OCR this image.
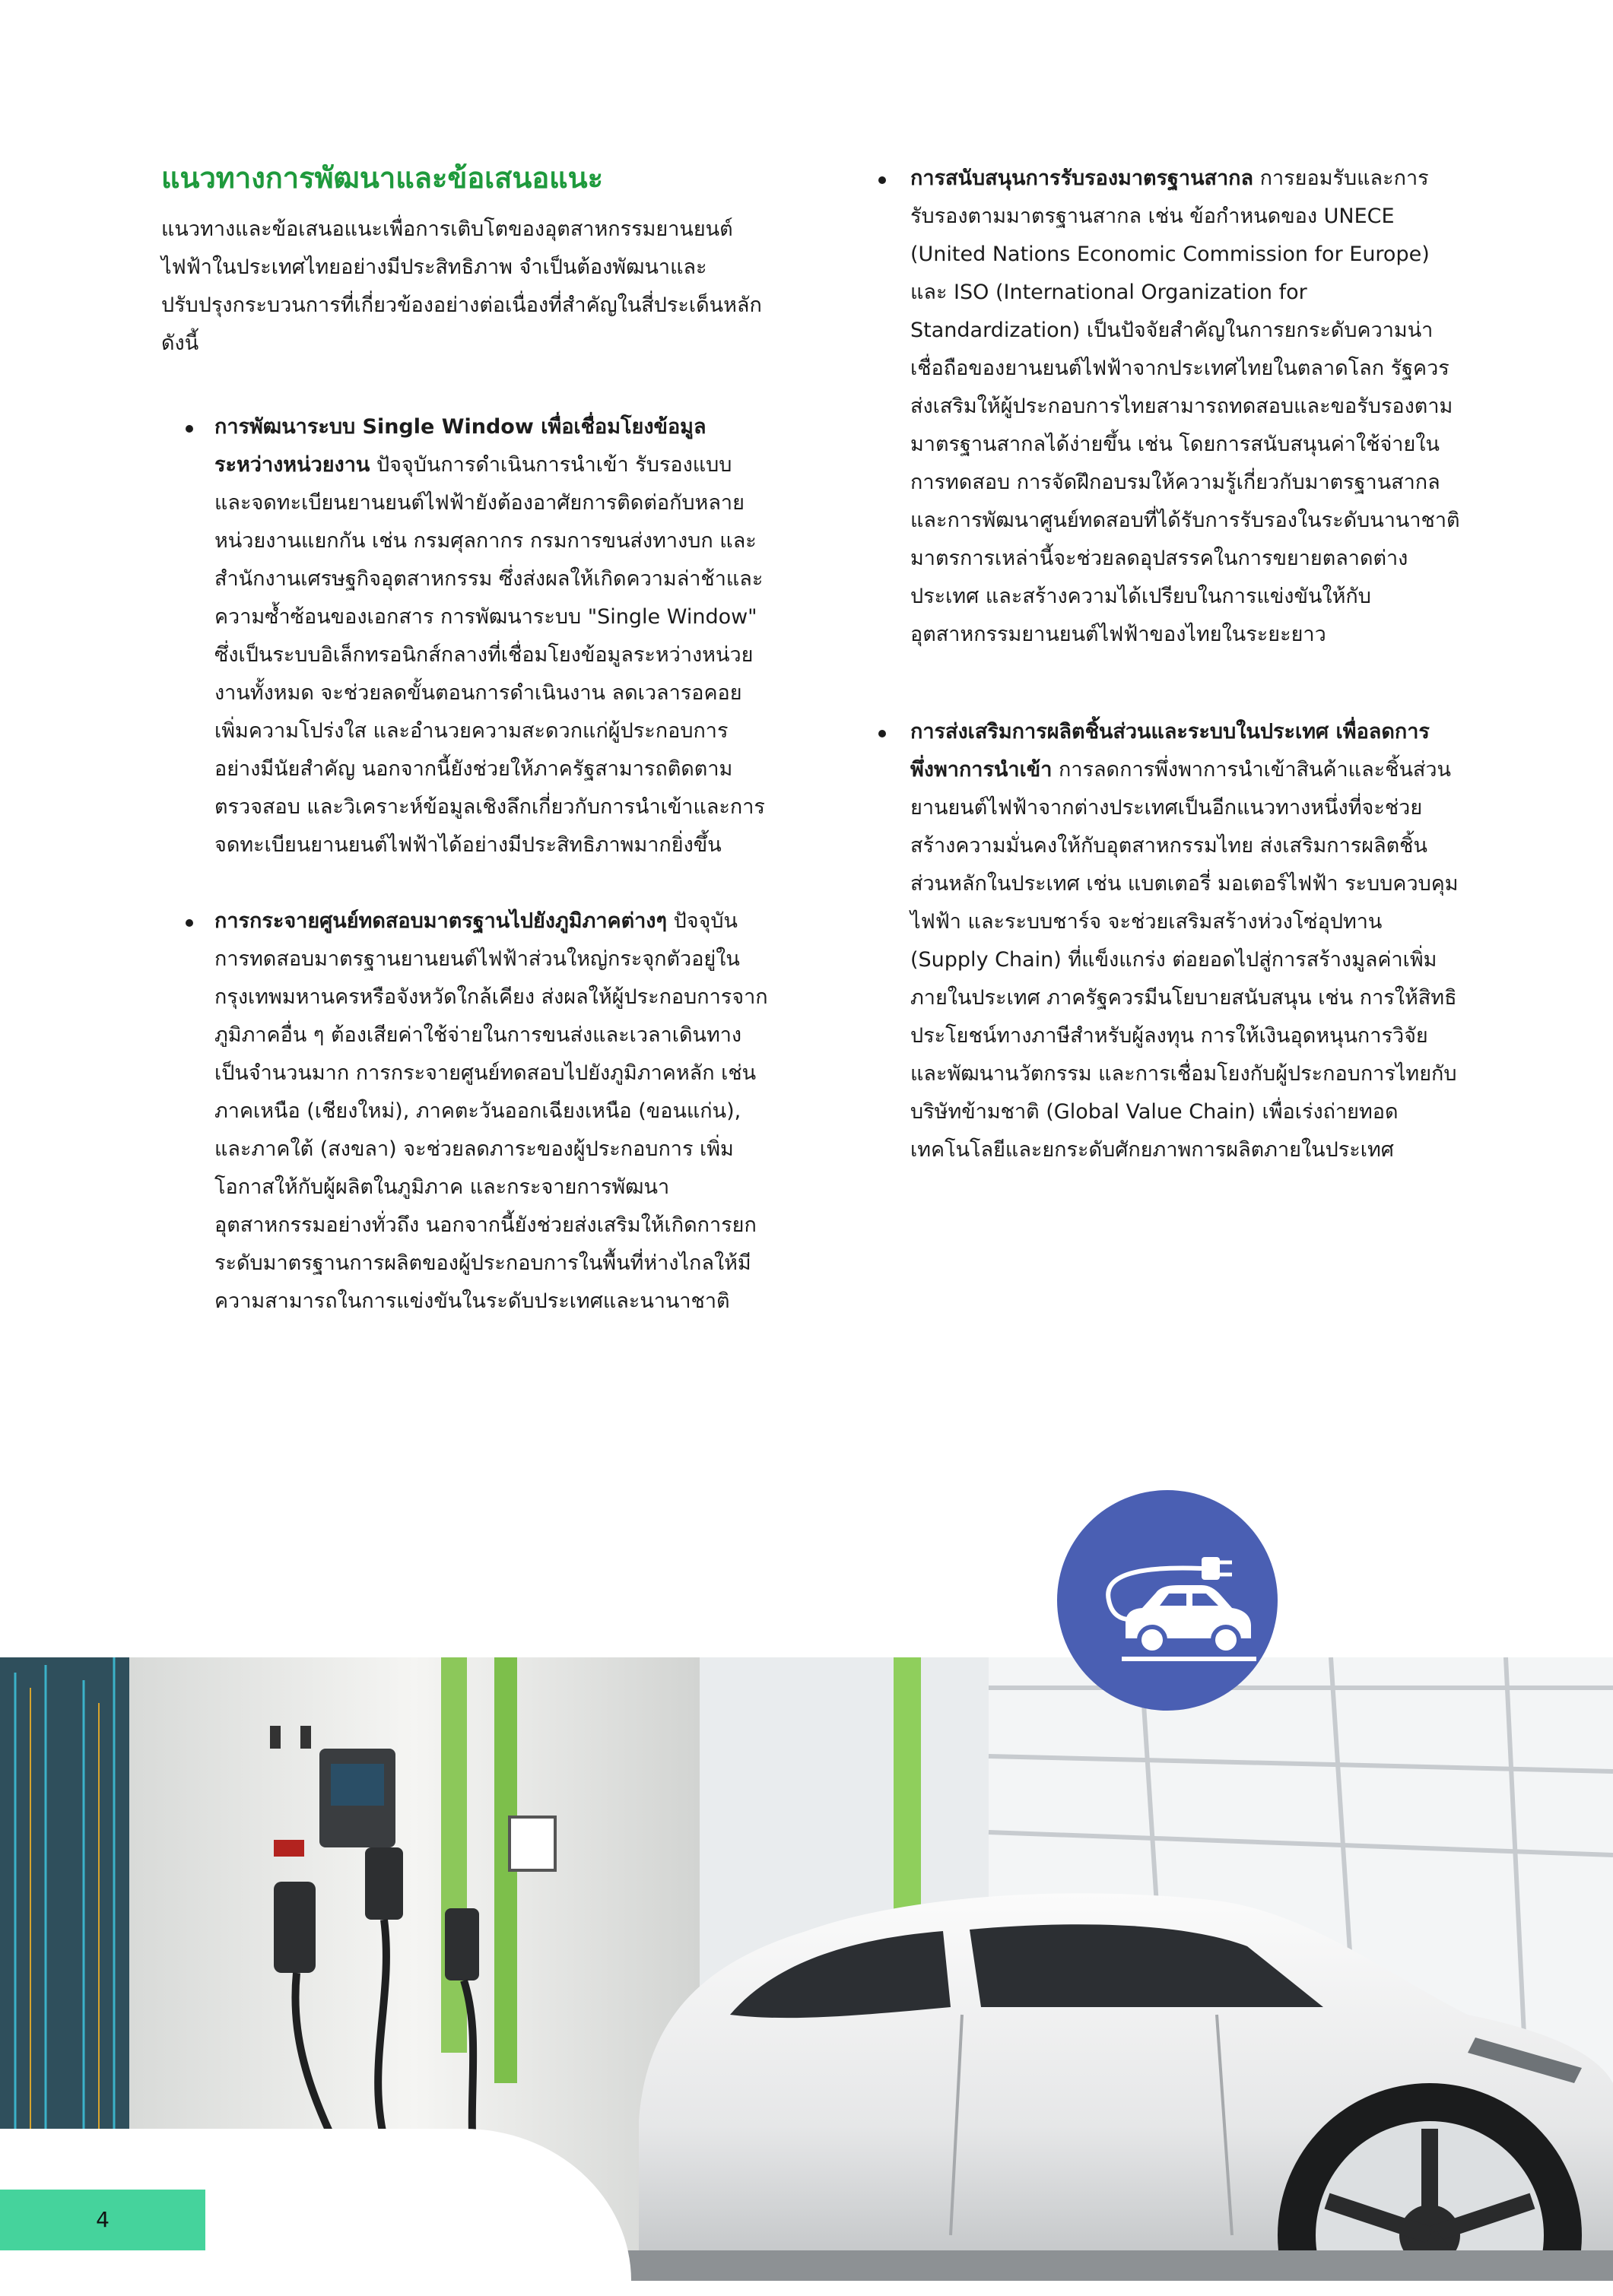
แนวทางการพัฒนาและข้อเสนอแนะ

แนวทางและข้อเสนอแนะเพื่อการเติบโตของอุตสาหกรรมยานยนต์ไฟฟ้าในประเทศไทยอย่างมีประสิทธิภาพ จำเป็นต้องพัฒนาและปรับปรุงกระบวนการที่เกี่ยวข้องอย่างต่อเนื่องที่สำคัญในสี่ประเด็นหลัก ดังนี้

การพัฒนาระบบ Single Window เพื่อเชื่อมโยงข้อมูลระหว่างหน่วยงาน ปัจจุบันการดำเนินการนำเข้า รับรองแบบ และจดทะเบียนยานยนต์ไฟฟ้ายังต้องอาศัยการติดต่อกับหลายหน่วยงานแยกกัน เช่น กรมศุลกากร กรมการขนส่งทางบก และสำนักงานเศรษฐกิจอุตสาหกรรม ซึ่งส่งผลให้เกิดความล่าช้าและความซ้ำซ้อนของเอกสาร การพัฒนาระบบ "Single Window" ซึ่งเป็นระบบอิเล็กทรอนิกส์กลางที่เชื่อมโยงข้อมูลระหว่างหน่วยงานทั้งหมด จะช่วยลดขั้นตอนการดำเนินงาน ลดเวลารอคอย เพิ่มความโปร่งใส และอำนวยความสะดวกแก่ผู้ประกอบการอย่างมีนัยสำคัญ นอกจากนี้ยังช่วยให้ภาครัฐสามารถติดตาม ตรวจสอบ และวิเคราะห์ข้อมูลเชิงลึกเกี่ยวกับการนำเข้าและการจดทะเบียนยานยนต์ไฟฟ้าได้อย่างมีประสิทธิภาพมากยิ่งขึ้น
การกระจายศูนย์ทดสอบมาตรฐานไปยังภูมิภาคต่างๆ ปัจจุบันการทดสอบมาตรฐานยานยนต์ไฟฟ้าส่วนใหญ่กระจุกตัวอยู่ในกรุงเทพมหานครหรือจังหวัดใกล้เคียง ส่งผลให้ผู้ประกอบการจากภูมิภาคอื่น ๆ ต้องเสียค่าใช้จ่ายในการขนส่งและเวลาเดินทางเป็นจำนวนมาก การกระจายศูนย์ทดสอบไปยังภูมิภาคหลัก เช่น ภาคเหนือ (เชียงใหม่), ภาคตะวันออกเฉียงเหนือ (ขอนแก่น), และภาคใต้ (สงขลา) จะช่วยลดภาระของผู้ประกอบการ เพิ่มโอกาสให้กับผู้ผลิตในภูมิภาค และกระจายการพัฒนาอุตสาหกรรมอย่างทั่วถึง นอกจากนี้ยังช่วยส่งเสริมให้เกิดการยกระดับมาตรฐานการผลิตของผู้ประกอบการในพื้นที่ห่างไกลให้มีความสามารถในการแข่งขันในระดับประเทศและนานาชาติ
การสนับสนุนการรับรองมาตรฐานสากล การยอมรับและการรับรองตามมาตรฐานสากล เช่น ข้อกำหนดของ UNECE (United Nations Economic Commission for Europe) และ ISO (International Organization for Standardization) เป็นปัจจัยสำคัญในการยกระดับความน่าเชื่อถือของยานยนต์ไฟฟ้าจากประเทศไทยในตลาดโลก รัฐควรส่งเสริมให้ผู้ประกอบการไทยสามารถทดสอบและขอรับรองตามมาตรฐานสากลได้ง่ายขึ้น เช่น โดยการสนับสนุนค่าใช้จ่ายในการทดสอบ การจัดฝึกอบรมให้ความรู้เกี่ยวกับมาตรฐานสากล และการพัฒนาศูนย์ทดสอบที่ได้รับการรับรองในระดับนานาชาติ มาตรการเหล่านี้จะช่วยลดอุปสรรคในการขยายตลาดต่างประเทศ และสร้างความได้เปรียบในการแข่งขันให้กับอุตสาหกรรมยานยนต์ไฟฟ้าของไทยในระยะยาว
การส่งเสริมการผลิตชิ้นส่วนและระบบในประเทศ เพื่อลดการพึ่งพาการนำเข้า การลดการพึ่งพาการนำเข้าสินค้าและชิ้นส่วนยานยนต์ไฟฟ้าจากต่างประเทศเป็นอีกแนวทางหนึ่งที่จะช่วยสร้างความมั่นคงให้กับอุตสาหกรรมไทย ส่งเสริมการผลิตชิ้นส่วนหลักในประเทศ เช่น แบตเตอรี่ มอเตอร์ไฟฟ้า ระบบควบคุมไฟฟ้า และระบบชาร์จ จะช่วยเสริมสร้างห่วงโซ่อุปทาน (Supply Chain) ที่แข็งแกร่ง ต่อยอดไปสู่การสร้างมูลค่าเพิ่มภายในประเทศ ภาครัฐควรมีนโยบายสนับสนุน เช่น การให้สิทธิประโยชน์ทางภาษีสำหรับผู้ลงทุน การให้เงินอุดหนุนการวิจัยและพัฒนานวัตกรรม และการเชื่อมโยงกับผู้ประกอบการไทยกับบริษัทข้ามชาติ (Global Value Chain) เพื่อเร่งถ่ายทอดเทคโนโลยีและยกระดับศักยภาพการผลิตภายในประเทศ
4
